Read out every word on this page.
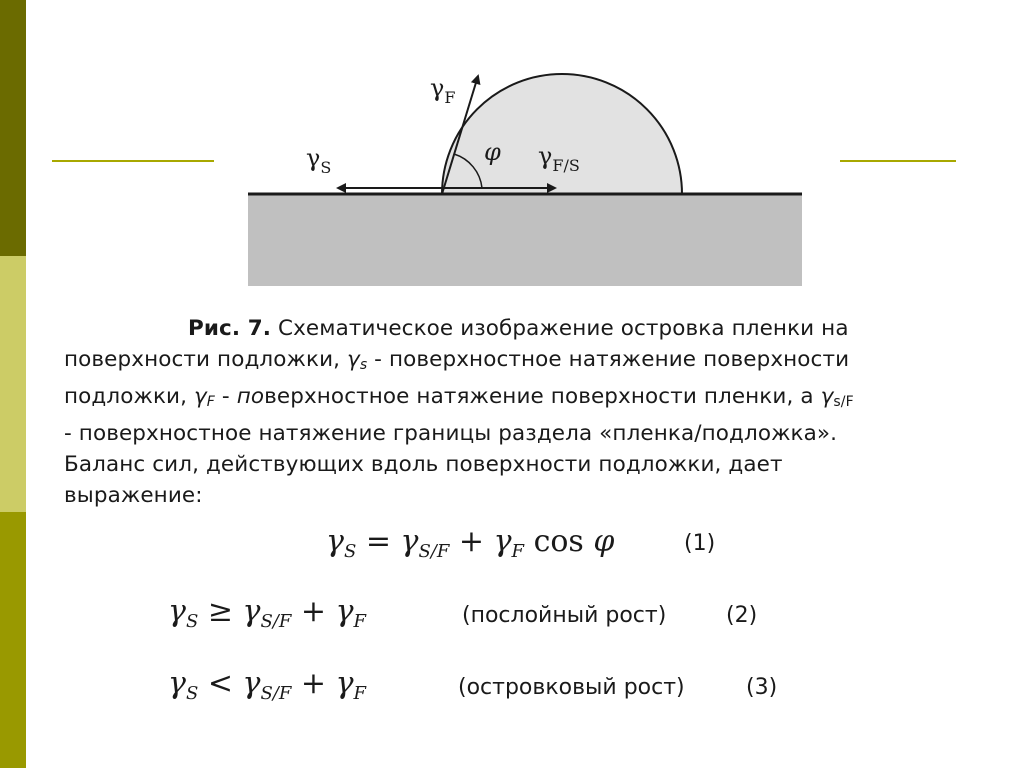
$\gamma_F$
$\gamma_S$	$\gamma_{F/S}$
φ
Рис. 7. Схематическое изображение островка пленки на
поверхности подложки, $\gamma_s$ - поверхностное натяжение поверхности
подложки, $\gamma_F$ - поверхностное натяжение поверхности пленки, а $\gamma_{s/F}$
- поверхностное натяжение границы раздела «пленка/подложка».
Баланс сил, действующих вдоль поверхности подложки, дает
выражение:
$\gamma_S = \gamma_{S/F} + \gamma_F$ cos φ	(1)
$\gamma_S \ge \gamma_{S/F} + \gamma_F$	(послойный рост)	(2)
$\gamma_S < \gamma_{S/F} + \gamma_F$	(островковый рост)	(3)
